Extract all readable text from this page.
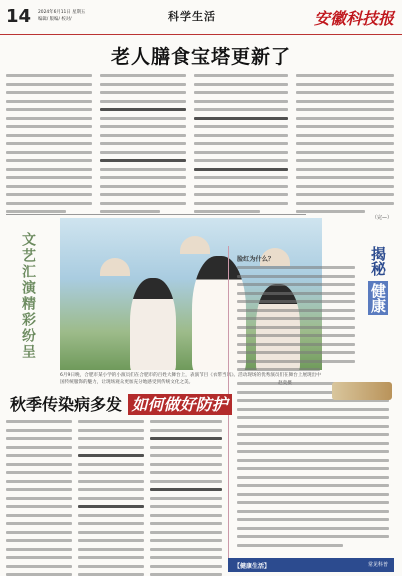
14 2024年6月11日 星期五
编辑/ 版编/ 校对/	科学生活	安徽科技报
老人膳食宝塔更新了
（完—）
文艺汇演精彩纷呈
6月9日晚，合肥市某小学的小演员们在合肥市的百姓大舞台上，表演节目《衣带当风》。活动现场的优秀演员们在舞台上展现出中国传统服饰的魅力，让现场观众更加充分地感受到传统文化之美。
揭秘 健康
脸红为什么？
【健康生活】	常见科普
秋季传染病多发 如何做好防护
